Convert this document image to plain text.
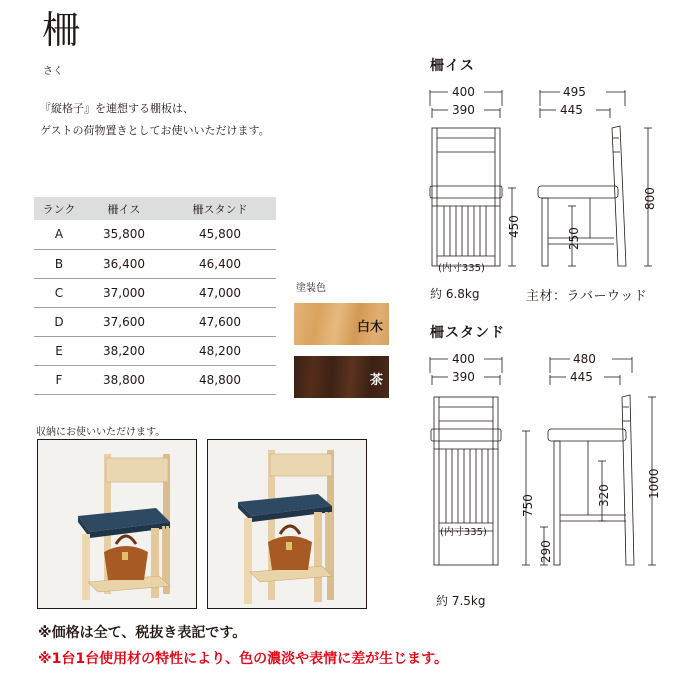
柵
さく
『縦格子』を連想する棚板は、
ゲストの荷物置きとしてお使いいただけます。
ランク	柵イス	柵スタンド
A	35,800	45,800
B	36,400	46,400
C	37,000	47,000
D	37,600	47,600
E	38,200	48,200
F	38,800	48,800
塗装色
白木
茶
収納にお使いいただけます。
柵イス
400
390
495
445
450
250
800
(内寸335)
約 6.8kg	主材：ラバーウッド
柵スタンド
400
390
480
445
750
290
320	1000
(内寸335)
約 7.5kg
※価格は全て、税抜き表記です。
※1台1台使用材の特性により、色の濃淡や表情に差が生じます。
